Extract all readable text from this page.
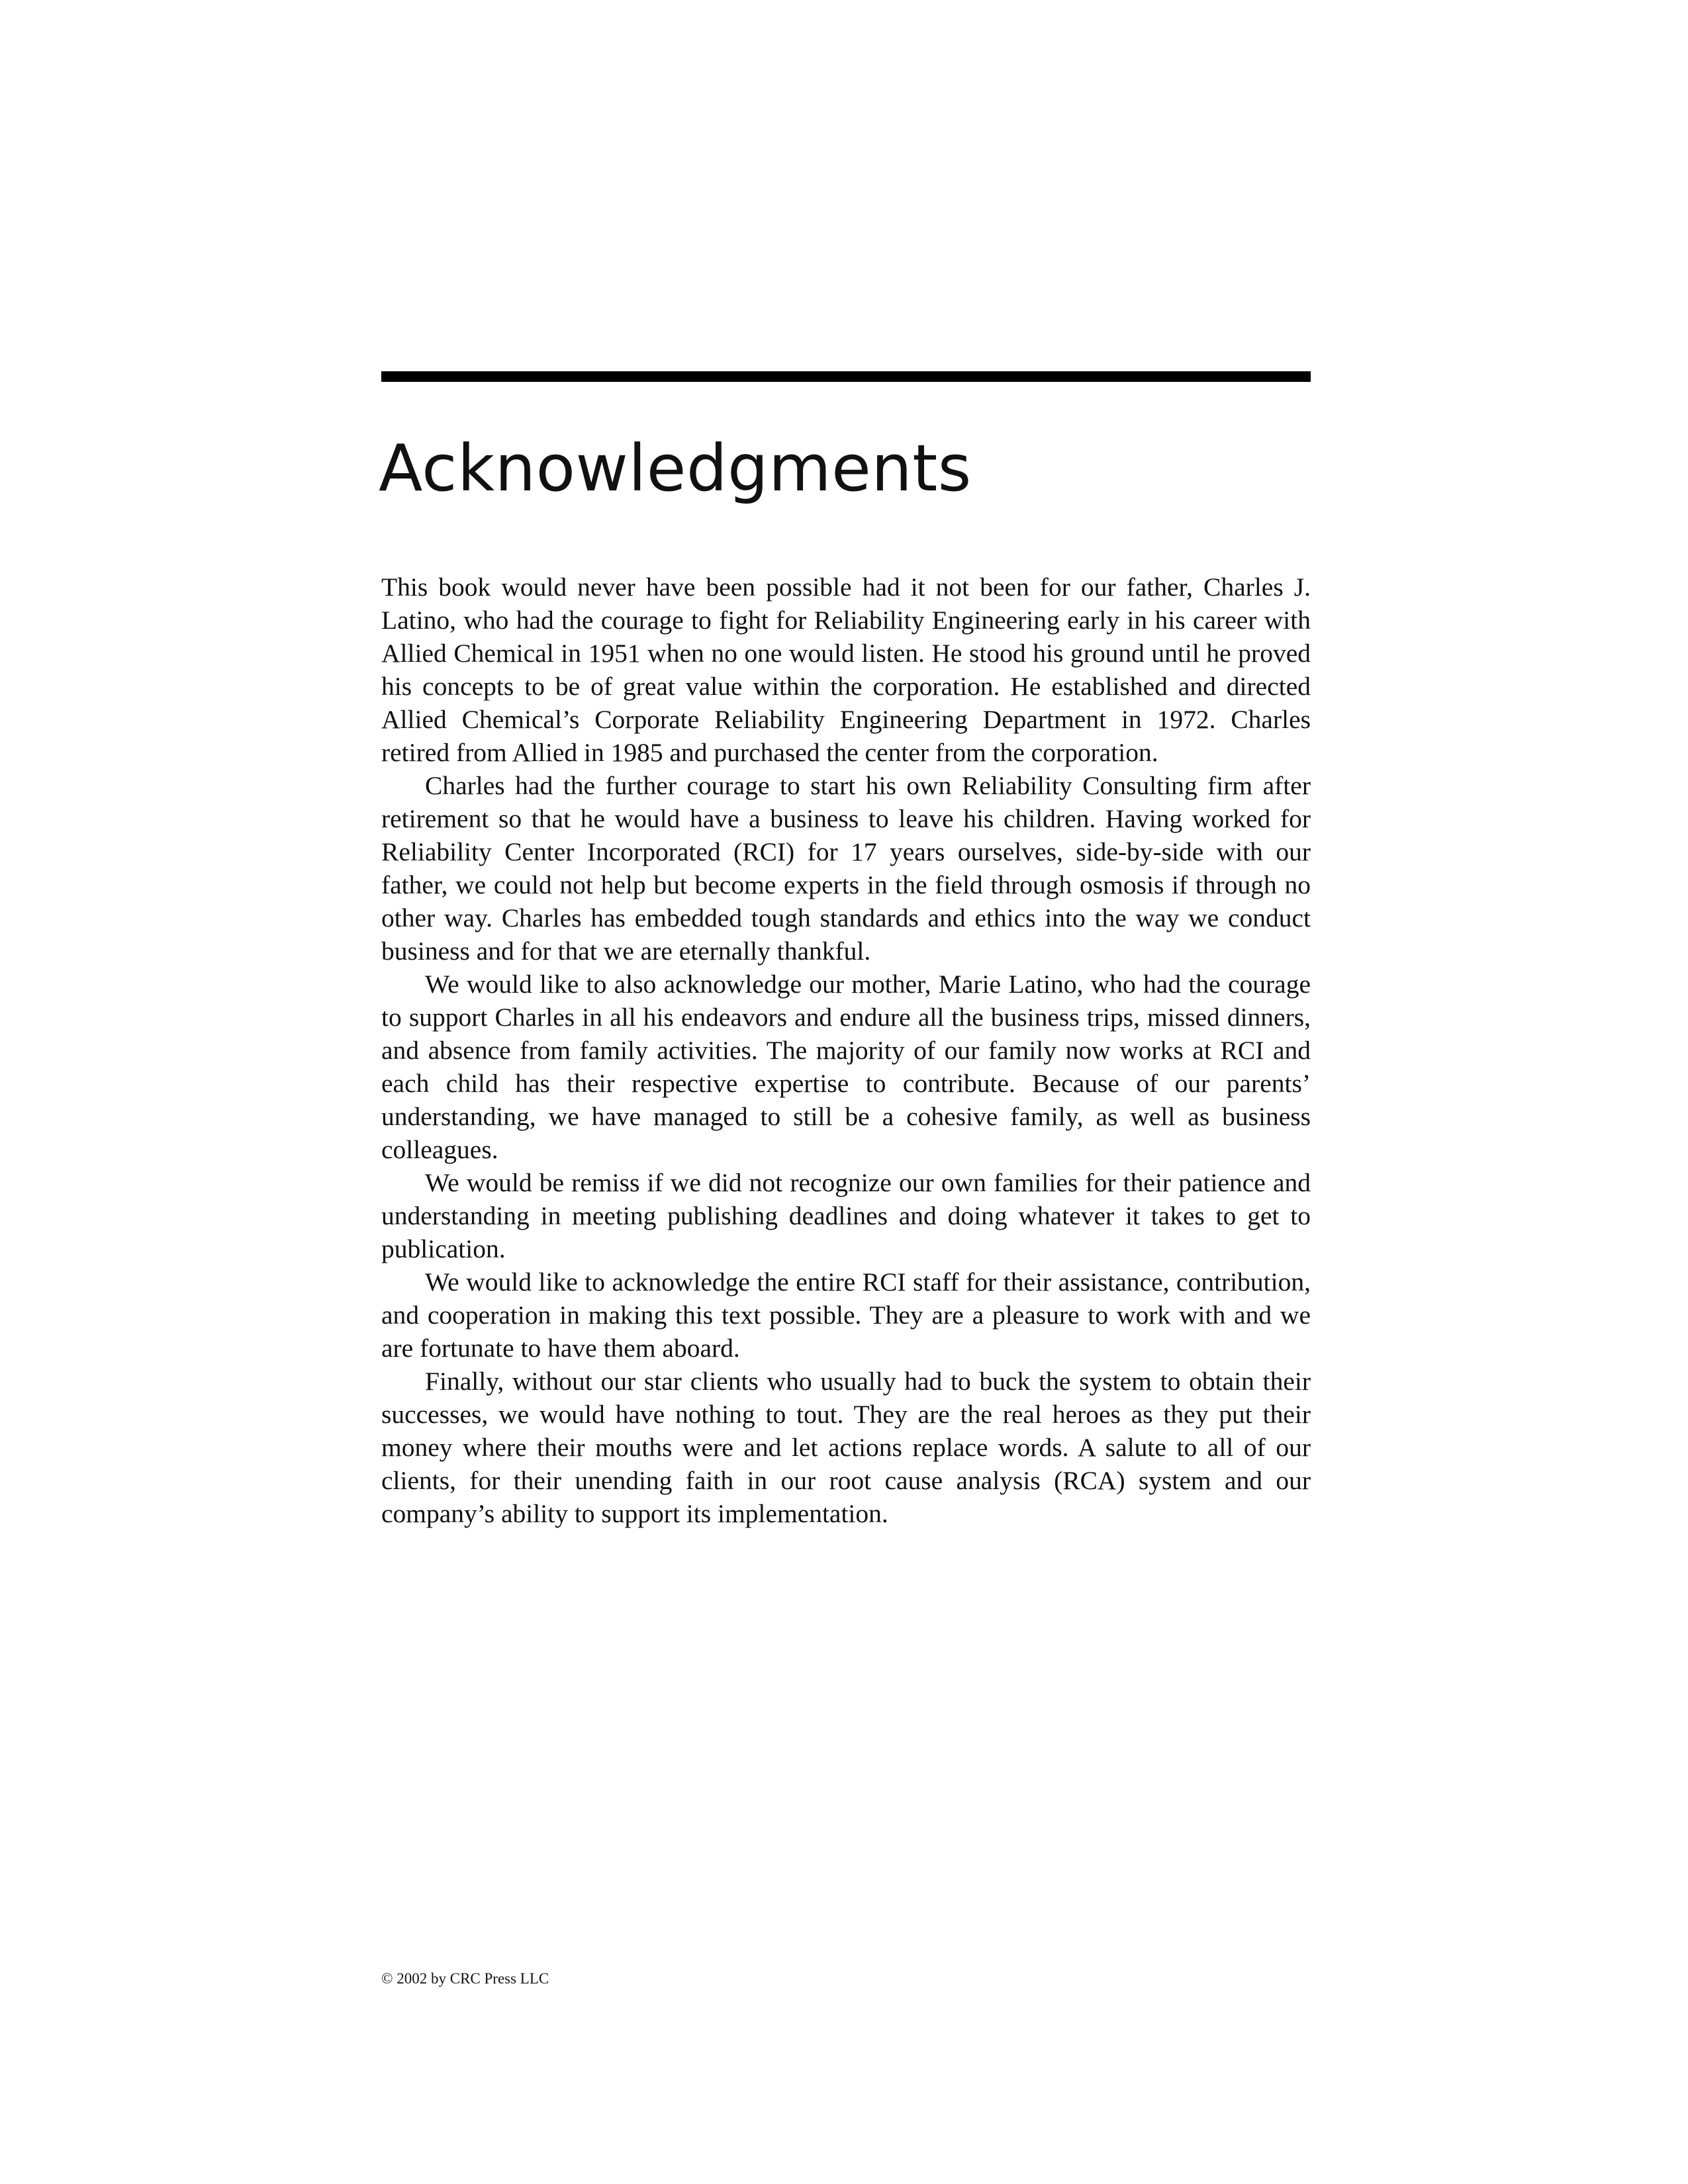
Acknowledgments

This book would never have been possible had it not been for our father, Charles J. Latino, who had the courage to fight for Reliability Engineering early in his career with Allied Chemical in 1951 when no one would listen. He stood his ground until he proved his concepts to be of great value within the corporation. He established and directed Allied Chemical’s Corporate Reliability Engineering Department in 1972. Charles retired from Allied in 1985 and purchased the center from the corporation.

Charles had the further courage to start his own Reliability Consulting firm after retirement so that he would have a business to leave his children. Having worked for Reliability Center Incorporated (RCI) for 17 years ourselves, side-by-side with our father, we could not help but become experts in the field through osmosis if through no other way. Charles has embedded tough standards and ethics into the way we conduct business and for that we are eternally thankful.

We would like to also acknowledge our mother, Marie Latino, who had the courage to support Charles in all his endeavors and endure all the business trips, missed dinners, and absence from family activities. The majority of our family now works at RCI and each child has their respective expertise to contribute. Because of our parents’ understanding, we have managed to still be a cohesive family, as well as business colleagues.

We would be remiss if we did not recognize our own families for their patience and understanding in meeting publishing deadlines and doing whatever it takes to get to publication.

We would like to acknowledge the entire RCI staff for their assistance, contribution, and cooperation in making this text possible. They are a pleasure to work with and we are fortunate to have them aboard.

Finally, without our star clients who usually had to buck the system to obtain their successes, we would have nothing to tout. They are the real heroes as they put their money where their mouths were and let actions replace words. A salute to all of our clients, for their unending faith in our root cause analysis (RCA) system and our company’s ability to support its implementation.

© 2002 by CRC Press LLC
